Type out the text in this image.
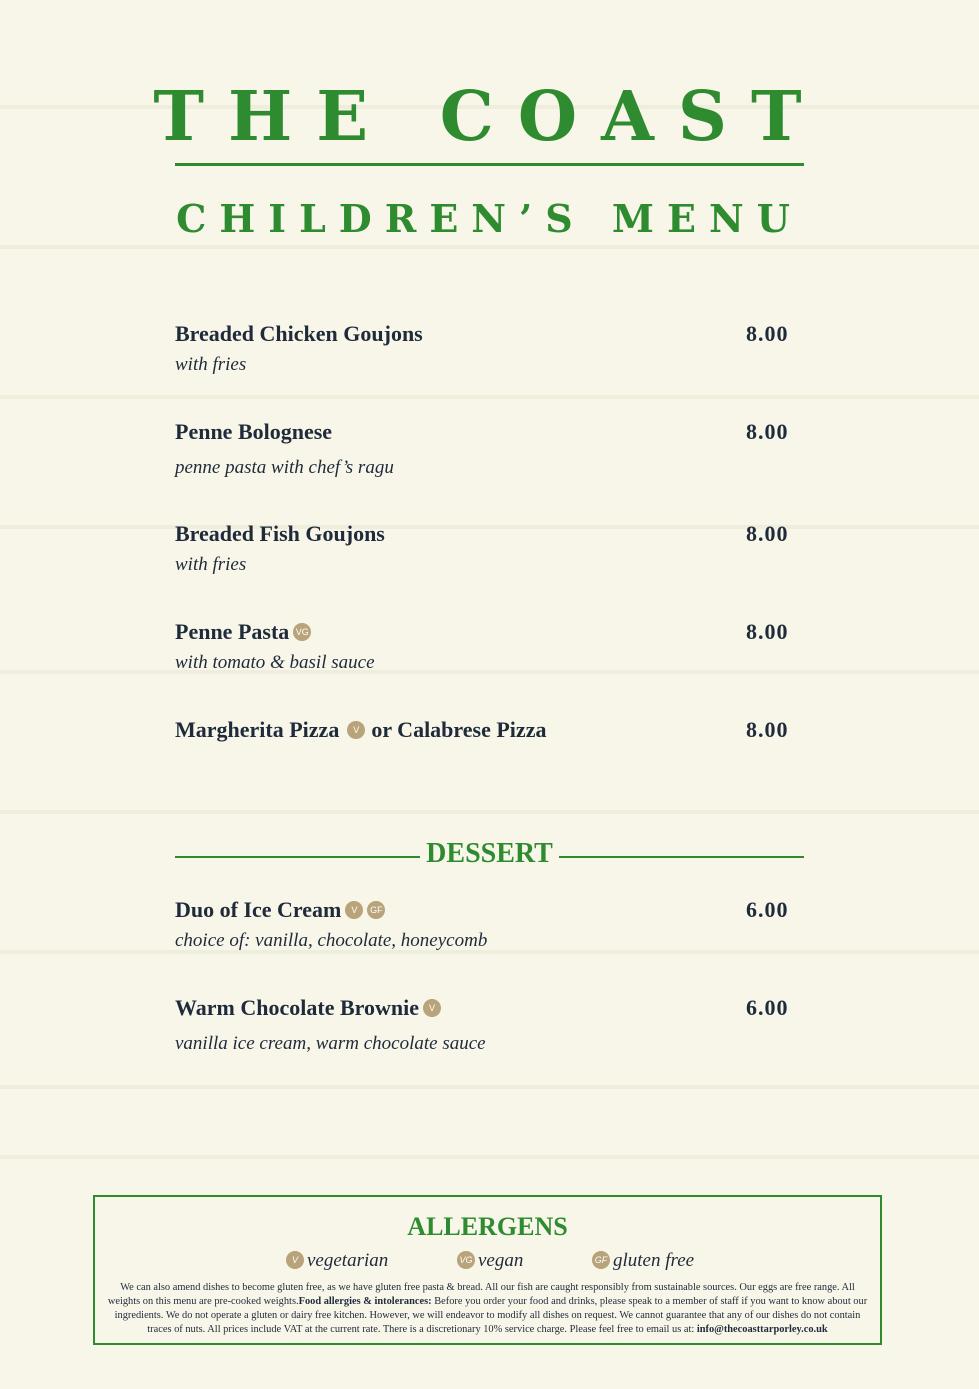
THE COAST
CHILDREN’S MENU
Breaded Chicken Goujons	8.00
with fries
Penne Bolognese	8.00
penne pasta with chef’s ragu
Breaded Fish Goujons	8.00
with fries
Penne Pasta VG	8.00
with tomato & basil sauce
Margherita Pizza V or Calabrese Pizza	8.00
DESSERT
Duo of Ice Cream V GF	6.00
choice of: vanilla, chocolate, honeycomb
Warm Chocolate Brownie V	6.00
vanilla ice cream, warm chocolate sauce
ALLERGENS
V vegetarian	VG vegan	GF gluten free
We can also amend dishes to become gluten free, as we have gluten free pasta & bread. All our fish are caught responsibly from sustainable sources. Our eggs are free range. All weights on this menu are pre-cooked weights.Food allergies & intolerances: Before you order your food and drinks, please speak to a member of staff if you want to know about our ingredients. We do not operate a gluten or dairy free kitchen. However, we will endeavor to modify all dishes on request. We cannot guarantee that any of our dishes do not contain traces of nuts. All prices include VAT at the current rate. There is a discretionary 10% service charge. Please feel free to email us at: info@thecoasttarporley.co.uk
